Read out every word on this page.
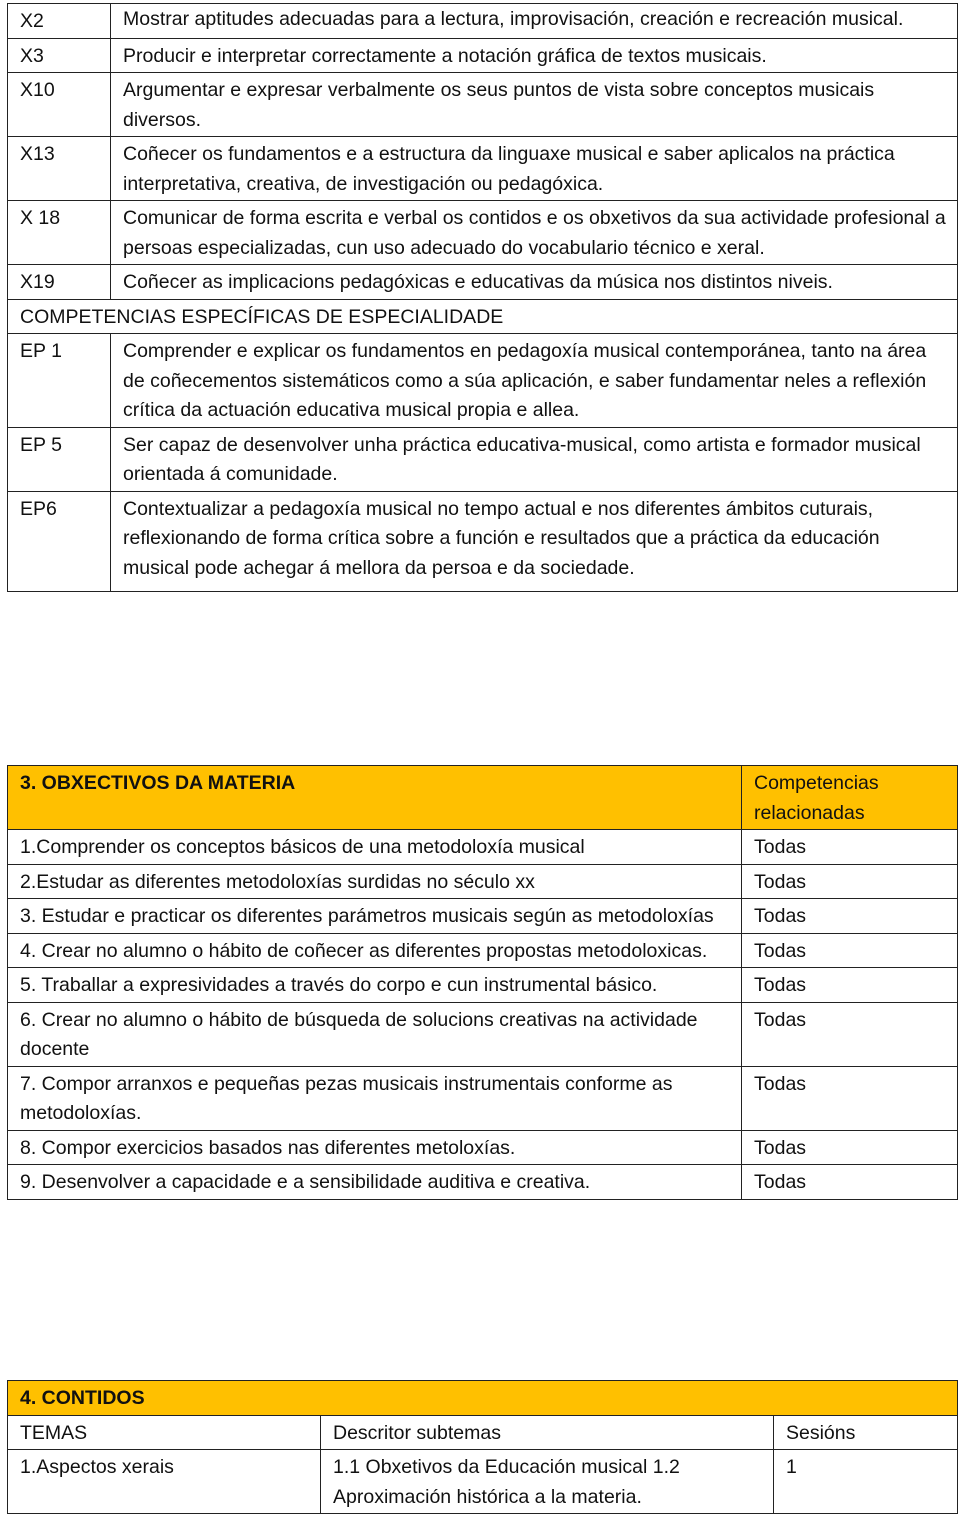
X2	Mostrar aptitudes adecuadas para a lectura, improvisación, creación e recreación musical.
X3	Producir e interpretar correctamente a notación gráfica de textos musicais.
X10	Argumentar e expresar verbalmente os seus puntos de vista sobre conceptos musicais diversos.
X13	Coñecer os fundamentos e a estructura da linguaxe musical e saber aplicalos na práctica interpretativa, creativa, de investigación ou pedagóxica.
X 18	Comunicar de forma escrita e verbal os contidos e os obxetivos da sua actividade profesional a persoas especializadas, cun uso adecuado do vocabulario técnico e xeral.
X19	Coñecer as implicacions pedagóxicas e educativas da música nos distintos niveis.
COMPETENCIAS ESPECÍFICAS DE ESPECIALIDADE	
EP 1	Comprender e explicar os fundamentos en pedagoxía musical contemporánea, tanto na área de coñecementos sistemáticos como a súa aplicación, e saber fundamentar neles a reflexión crítica da actuación educativa musical propia e allea.
EP 5	Ser capaz de desenvolver unha práctica educativa-musical, como artista e formador musical orientada á comunidade.
EP6	Contextualizar a pedagoxía musical no tempo actual e nos diferentes ámbitos cuturais, reflexionando de forma crítica sobre a función e resultados que a práctica da educación musical pode achegar á mellora da persoa e da sociedade.
3. OBXECTIVOS DA MATERIA	Competencias relacionadas
1.Comprender os conceptos básicos de una metodoloxía musical	Todas
2.Estudar as diferentes metodoloxías surdidas no século xx	Todas
3. Estudar e practicar os diferentes parámetros musicais según as metodoloxías	Todas
4. Crear no alumno o hábito de coñecer as diferentes propostas metodoloxicas.	Todas
5. Traballar a expresividades a través do corpo e cun instrumental básico.	Todas
6. Crear no alumno o hábito de búsqueda de solucions creativas na actividade docente	Todas
7. Compor arranxos e pequeñas pezas musicais instrumentais conforme as metodoloxías.	Todas
8. Compor exercicios basados nas diferentes metoloxías.	Todas
9. Desenvolver a capacidade e a sensibilidade auditiva e creativa.	Todas
4. CONTIDOS		
TEMAS	Descritor subtemas	Sesións
1.Aspectos xerais	1.1 Obxetivos da Educación musical 1.2 Aproximación histórica a la materia.	1
